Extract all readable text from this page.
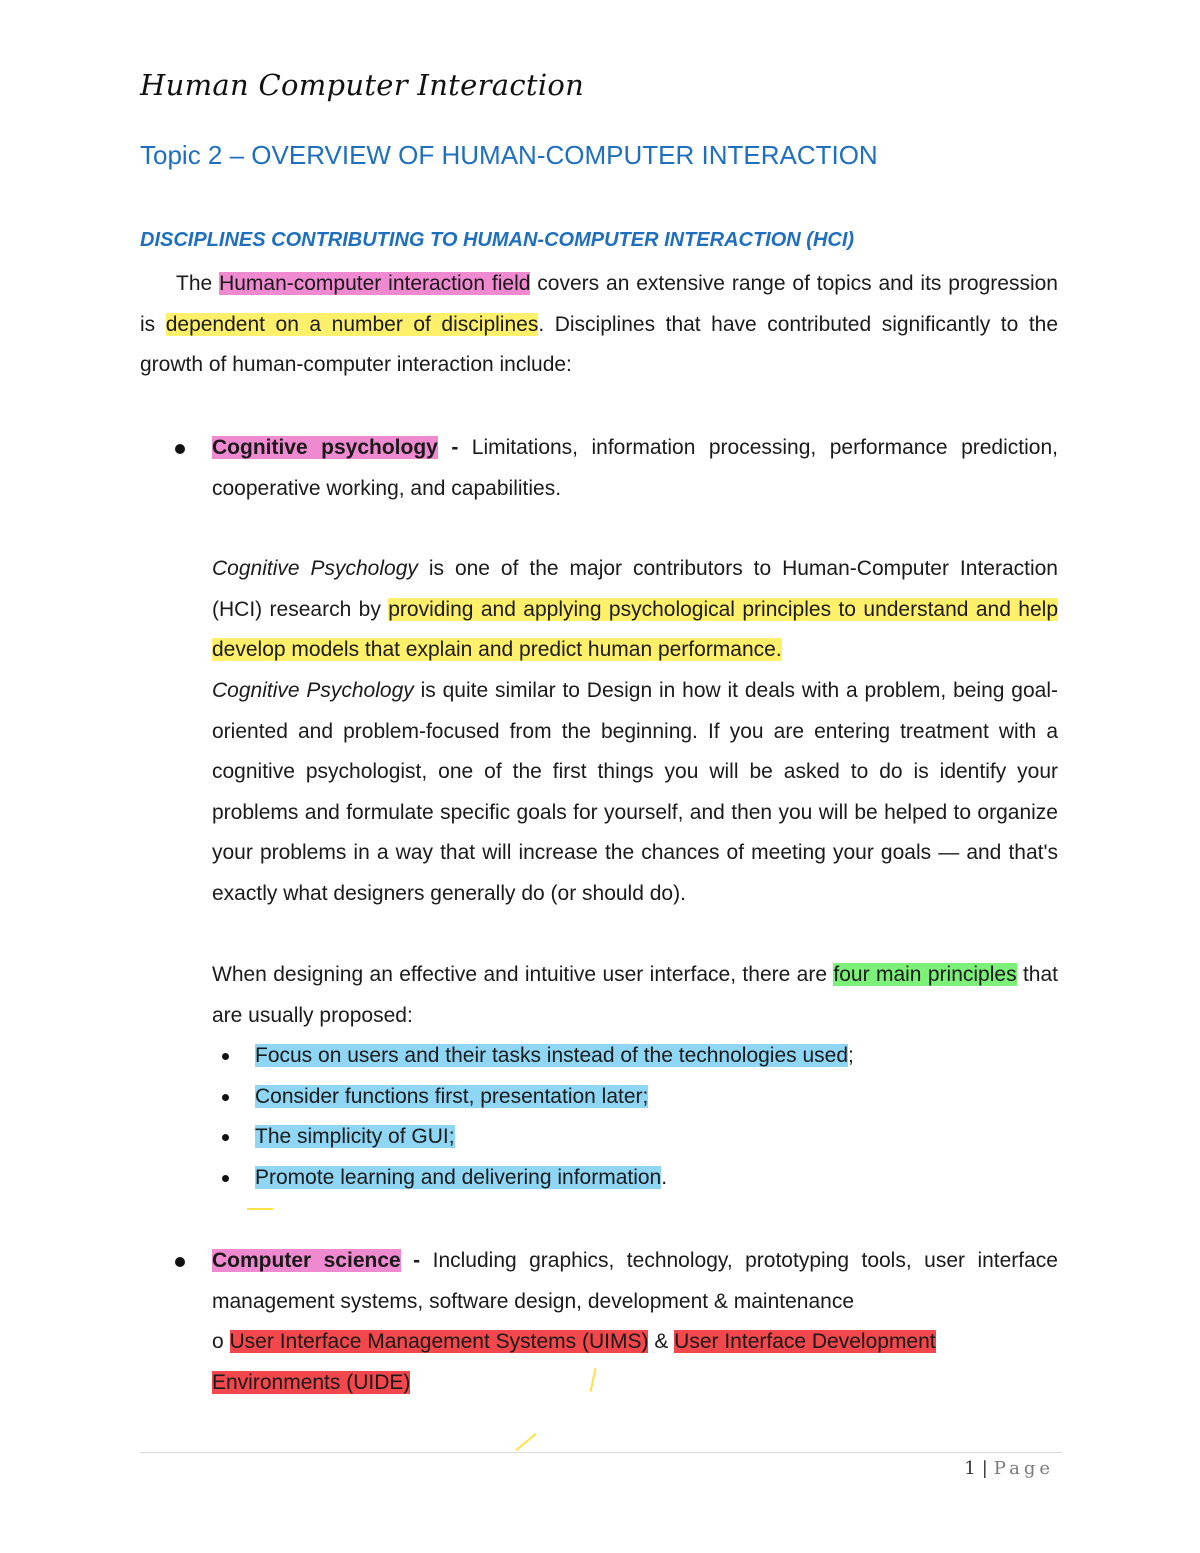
Human Computer Interaction
Topic 2 – OVERVIEW OF HUMAN-COMPUTER INTERACTION
DISCIPLINES CONTRIBUTING TO HUMAN-COMPUTER INTERACTION (HCI)
The Human-computer interaction field covers an extensive range of topics and its progression is dependent on a number of disciplines. Disciplines that have contributed significantly to the growth of human-computer interaction include:
Cognitive psychology - Limitations, information processing, performance prediction, cooperative working, and capabilities.
Cognitive Psychology is one of the major contributors to Human-Computer Interaction (HCI) research by providing and applying psychological principles to understand and help develop models that explain and predict human performance.
Cognitive Psychology is quite similar to Design in how it deals with a problem, being goal-oriented and problem-focused from the beginning. If you are entering treatment with a cognitive psychologist, one of the first things you will be asked to do is identify your problems and formulate specific goals for yourself, and then you will be helped to organize your problems in a way that will increase the chances of meeting your goals — and that's exactly what designers generally do (or should do).
When designing an effective and intuitive user interface, there are four main principles that are usually proposed:
Focus on users and their tasks instead of the technologies used;
Consider functions first, presentation later;
The simplicity of GUI;
Promote learning and delivering information.
Computer science - Including graphics, technology, prototyping tools, user interface management systems, software design, development & maintenance
o User Interface Management Systems (UIMS) & User Interface Development Environments (UIDE)
1 | Page
